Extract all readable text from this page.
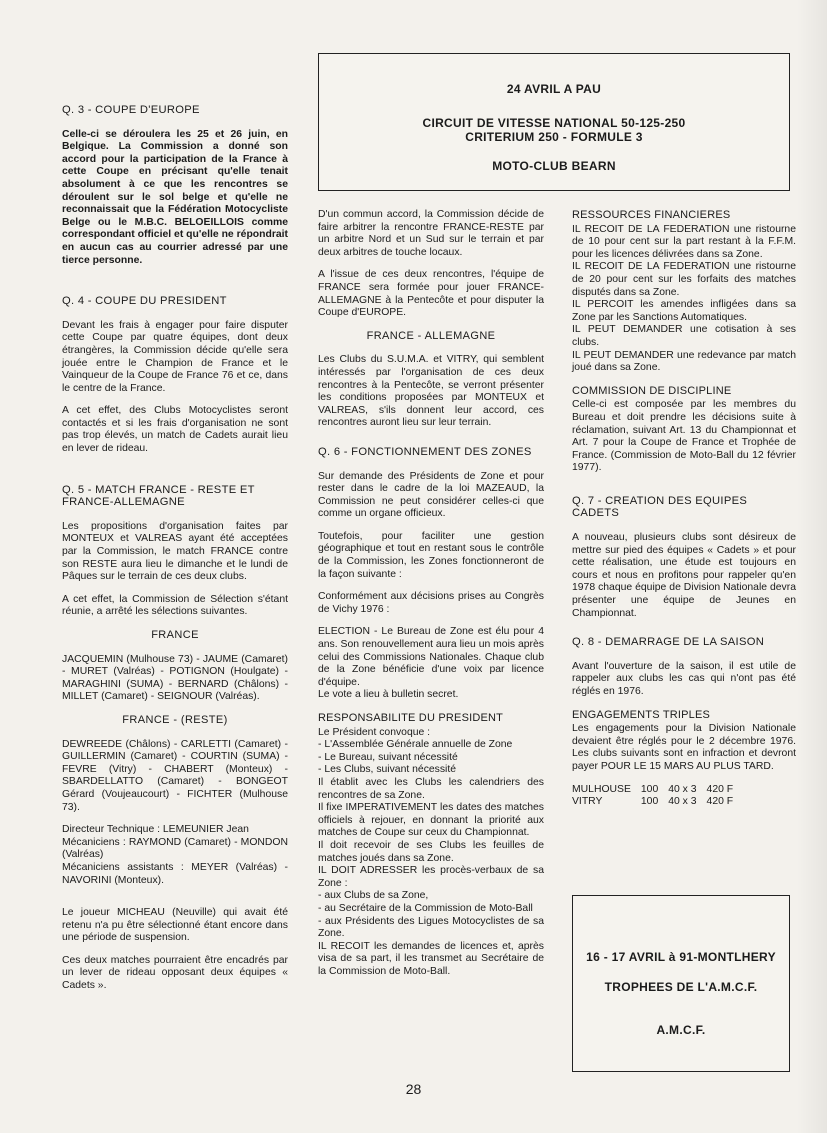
24 AVRIL A PAU
CIRCUIT DE VITESSE NATIONAL 50-125-250
CRITERIUM 250 - FORMULE 3
MOTO-CLUB BEARN
Q. 3 - COUPE D'EUROPE

Celle-ci se déroulera les 25 et 26 juin, en Belgique. La Commission a donné son accord pour la participation de la France à cette Coupe en précisant qu'elle tenait absolument à ce que les rencontres se déroulent sur le sol belge et qu'elle ne reconnaissait que la Fédération Motocycliste Belge ou le M.B.C. BELOEILLOIS comme correspondant officiel et qu'elle ne répondrait en aucun cas au courrier adressé par une tierce personne.

Q. 4 - COUPE DU PRESIDENT

Devant les frais à engager pour faire disputer cette Coupe par quatre équipes, dont deux étrangères, la Commission décide qu'elle sera jouée entre le Champion de France et le Vainqueur de la Coupe de France 76 et ce, dans le centre de la France.

A cet effet, des Clubs Motocyclistes seront contactés et si les frais d'organisation ne sont pas trop élevés, un match de Cadets aurait lieu en lever de rideau.

Q. 5 - MATCH FRANCE - RESTE ET FRANCE-ALLEMAGNE

Les propositions d'organisation faites par MONTEUX et VALREAS ayant été acceptées par la Commission, le match FRANCE contre son RESTE aura lieu le dimanche et le lundi de Pâques sur le terrain de ces deux clubs.

A cet effet, la Commission de Sélection s'étant réunie, a arrêté les sélections suivantes.

FRANCE

JACQUEMIN (Mulhouse 73) - JAUME (Camaret) - MURET (Valréas) - POTIGNON (Houlgate) - MARAGHINI (SUMA) - BERNARD (Châlons) - MILLET (Camaret) - SEIGNOUR (Valréas).

FRANCE - (RESTE)

DEWREEDE (Châlons) - CARLETTI (Camaret) - GUILLERMIN (Camaret) - COURTIN (SUMA) - FEVRE (Vitry) - CHABERT (Monteux) - SBARDELLATTO (Camaret) - BONGEOT Gérard (Voujeaucourt) - FICHTER (Mulhouse 73).

Directeur Technique : LEMEUNIER Jean
Mécaniciens : RAYMOND (Camaret) - MONDON (Valréas)
Mécaniciens assistants : MEYER (Valréas) - NAVORINI (Monteux).

Le joueur MICHEAU (Neuville) qui avait été retenu n'a pu être sélectionné étant encore dans une période de suspension.

Ces deux matches pourraient être encadrés par un lever de rideau opposant deux équipes « Cadets ».

D'un commun accord, la Commission décide de faire arbitrer la rencontre FRANCE-RESTE par un arbitre Nord et un Sud sur le terrain et par deux arbitres de touche locaux.

A l'issue de ces deux rencontres, l'équipe de FRANCE sera formée pour jouer FRANCE-ALLEMAGNE à la Pentecôte et pour disputer la Coupe d'EUROPE.

FRANCE - ALLEMAGNE

Les Clubs du S.U.M.A. et VITRY, qui semblent intéressés par l'organisation de ces deux rencontres à la Pentecôte, se verront présenter les conditions proposées par MONTEUX et VALREAS, s'ils donnent leur accord, ces rencontres auront lieu sur leur terrain.

Q. 6 - FONCTIONNEMENT DES ZONES

Sur demande des Présidents de Zone et pour rester dans le cadre de la loi MAZEAUD, la Commission ne peut considérer celles-ci que comme un organe officieux.

Toutefois, pour faciliter une gestion géographique et tout en restant sous le contrôle de la Commission, les Zones fonctionneront de la façon suivante :

Conformément aux décisions prises au Congrès de Vichy 1976 :

ELECTION - Le Bureau de Zone est élu pour 4 ans. Son renouvellement aura lieu un mois après celui des Commissions Nationales. Chaque club de la Zone bénéficie d'une voix par licence d'équipe.
Le vote a lieu à bulletin secret.

RESPONSABILITE DU PRESIDENT
Le Président convoque :
- L'Assemblée Générale annuelle de Zone
- Le Bureau, suivant nécessité
- Les Clubs, suivant nécessité
Il établit avec les Clubs les calendriers des rencontres de sa Zone.
Il fixe IMPERATIVEMENT les dates des matches officiels à rejouer, en donnant la priorité aux matches de Coupe sur ceux du Championnat.
Il doit recevoir de ses Clubs les feuilles de matches joués dans sa Zone.
IL DOIT ADRESSER les procès-verbaux de sa Zone :
- aux Clubs de sa Zone,
- au Secrétaire de la Commission de Moto-Ball
- aux Présidents des Ligues Motocyclistes de sa Zone.
IL RECOIT les demandes de licences et, après visa de sa part, il les transmet au Secrétaire de la Commission de Moto-Ball.
RESSOURCES FINANCIERES
IL RECOIT DE LA FEDERATION une ristourne de 10 pour cent sur la part restant à la F.F.M. pour les licences délivrées dans sa Zone.
IL RECOIT DE LA FEDERATION une ristourne de 20 pour cent sur les forfaits des matches disputés dans sa Zone.
IL PERCOIT les amendes infligées dans sa Zone par les Sanctions Automatiques.
IL PEUT DEMANDER une cotisation à ses clubs.
IL PEUT DEMANDER une redevance par match joué dans sa Zone.
COMMISSION DE DISCIPLINE

Celle-ci est composée par les membres du Bureau et doit prendre les décisions suite à réclamation, suivant Art. 13 du Championnat et Art. 7 pour la Coupe de France et Trophée de France. (Commission de Moto-Ball du 12 février 1977).

Q. 7 - CREATION DES EQUIPES CADETS

A nouveau, plusieurs clubs sont désireux de mettre sur pied des équipes « Cadets » et pour cette réalisation, une étude est toujours en cours et nous en profitons pour rappeler qu'en 1978 chaque équipe de Division Nationale devra présenter une équipe de Jeunes en Championnat.

Q. 8 - DEMARRAGE DE LA SAISON

Avant l'ouverture de la saison, il est utile de rappeler aux clubs les cas qui n'ont pas été réglés en 1976.

ENGAGEMENTS TRIPLES

Les engagements pour la Division Nationale devaient être réglés pour le 2 décembre 1976. Les clubs suivants sont en infraction et devront payer POUR LE 15 MARS AU PLUS TARD.

MULHOUSE	100	40 x 3	420 F
VITRY	100	40 x 3	420 F
16 - 17 AVRIL à 91-MONTLHERY
TROPHEES DE L'A.M.C.F.
A.M.C.F.
28
